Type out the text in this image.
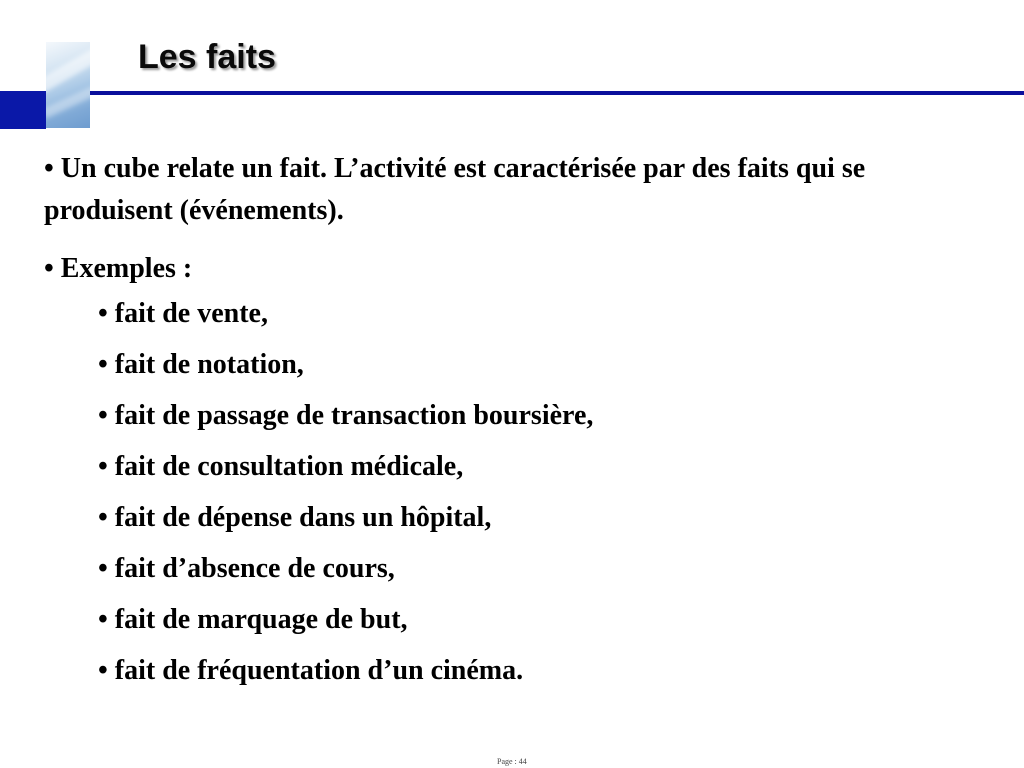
Les faits

• Un cube relate un fait. L’activité est caractérisée par des faits qui se produisent (événements).

• Exemples :

• fait de vente,
• fait de notation,
• fait de passage de transaction boursière,
• fait de consultation médicale,
• fait de dépense dans un hôpital,
• fait d’absence de cours,
• fait de marquage de but,
• fait de fréquentation d’un cinéma.
Page : 44
